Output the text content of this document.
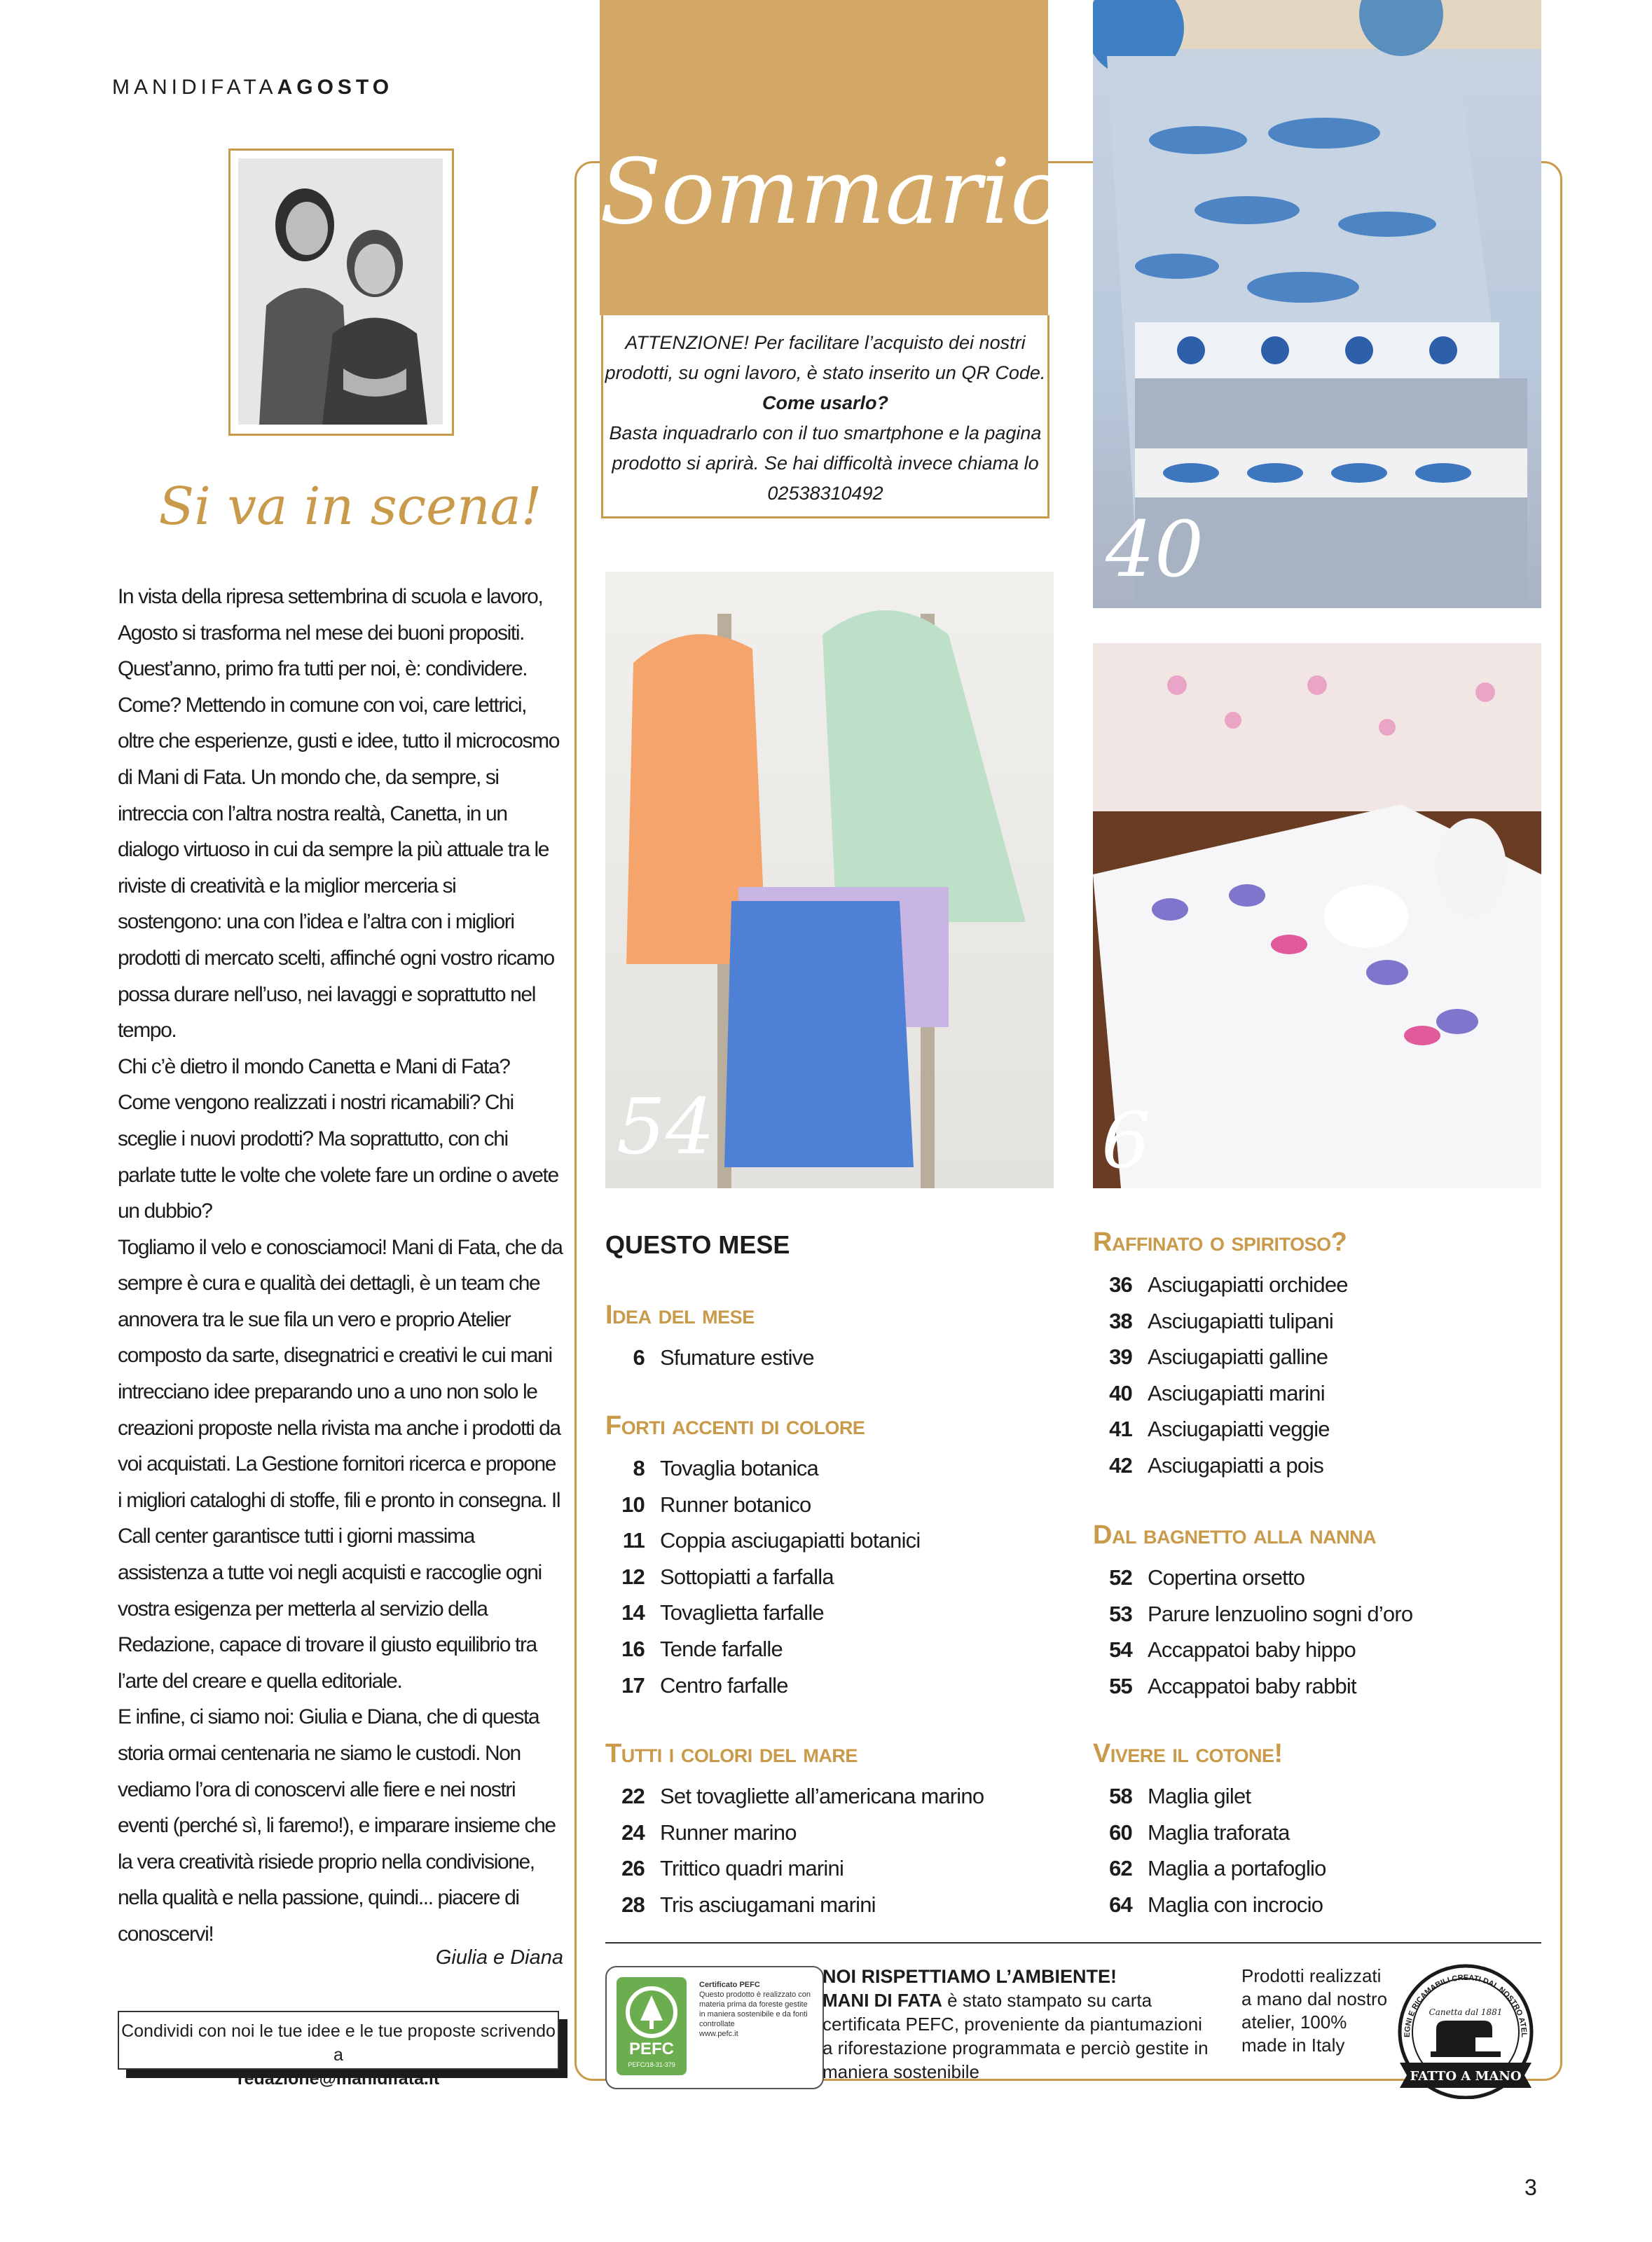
MANIDIFATAAGOSTO
Si va in scena!

In vista della ripresa settembrina di scuola e lavoro, Agosto si trasforma nel mese dei buoni propositi. Quest’anno, primo fra tutti per noi, è: condividere. Come? Mettendo in comune con voi, care lettrici, oltre che esperienze, gusti e idee, tutto il microcosmo di Mani di Fata. Un mondo che, da sempre, si intreccia con l’altra nostra realtà, Canetta, in un dialogo virtuoso in cui da sempre la più attuale tra le riviste di creatività e la miglior merceria si sostengono: una con l’idea e l’altra con i migliori prodotti di mercato scelti, affinché ogni vostro ricamo possa durare nell’uso, nei lavaggi e soprattutto nel tempo.

Chi c’è dietro il mondo Canetta e Mani di Fata? Come vengono realizzati i nostri ricamabili? Chi sceglie i nuovi prodotti? Ma soprattutto, con chi parlate tutte le volte che volete fare un ordine o avete un dubbio?

Togliamo il velo e conosciamoci! Mani di Fata, che da sempre è cura e qualità dei dettagli, è un team che annovera tra le sue fila un vero e proprio Atelier composto da sarte, disegnatrici e creativi le cui mani intrecciano idee preparando uno a uno non solo le creazioni proposte nella rivista ma anche i prodotti da voi acquistati. La Gestione fornitori ricerca e propone i migliori cataloghi di stoffe, fili e pronto in consegna. Il Call center garantisce tutti i giorni massima assistenza a tutte voi negli acquisti e raccoglie ogni vostra esigenza per metterla al servizio della Redazione, capace di trovare il giusto equilibrio tra l’arte del creare e quella editoriale.

E infine, ci siamo noi: Giulia e Diana, che di questa storia ormai centenaria ne siamo le custodi. Non vediamo l’ora di conoscervi alle fiere e nei nostri eventi (perché sì, li faremo!), e imparare insieme che la vera creatività risiede proprio nella condivisione, nella qualità e nella passione, quindi... piacere di conoscervi!

Giulia e Diana
Condividi con noi le tue idee e le tue proposte scrivendo a
redazione@manidifata.it
40
54	6
Sommario
ATTENZIONE! Per facilitare l’acquisto dei nostri prodotti, su ogni lavoro, è stato inserito un QR Code.
Come usarlo?
Basta inquadrarlo con il tuo smartphone e la pagina prodotto si aprirà. Se hai difficoltà invece chiama lo 02538310492
QUESTO MESE
Idea del mese
6 Sfumature estive
Forti accenti di colore
8 Tovaglia botanica
10 Runner botanico
11 Coppia asciugapiatti botanici
12 Sottopiatti a farfalla
14 Tovaglietta farfalle
16 Tende farfalle
17 Centro farfalle
Tutti i colori del mare
22 Set tovagliette all’americana marino
24 Runner marino
26 Trittico quadri marini
28 Tris asciugamani marini
Raffinato o spiritoso?
36 Asciugapiatti orchidee
38 Asciugapiatti tulipani
39 Asciugapiatti galline
40 Asciugapiatti marini
41 Asciugapiatti veggie
42 Asciugapiatti a pois
Dal bagnetto alla nanna
52 Copertina orsetto
53 Parure lenzuolino sogni d’oro
54 Accappatoi baby hippo
55 Accappatoi baby rabbit
Vivere il cotone!
58 Maglia gilet
60 Maglia traforata
62 Maglia a portafoglio
64 Maglia con incrocio
PEFC
PEFC/18-31-379
Certificato PEFC
Questo prodotto è realizzato con materia prima da foreste gestite in maniera sostenibile e da fonti controllate
www.pefc.it
NOI RISPETTIAMO L’AMBIENTE!
MANI DI FATA è stato stampato su carta certificata PEFC, proveniente da piantumazioni a riforestazione programmata e perciò gestite in maniera sostenibile
Prodotti realizzati a mano dal nostro atelier, 100% made in Italy	EGNI E RICAMABILI CREATI DAL NOSTRO ATEL
Canetta dal 1881
FATTO A MANO
3
